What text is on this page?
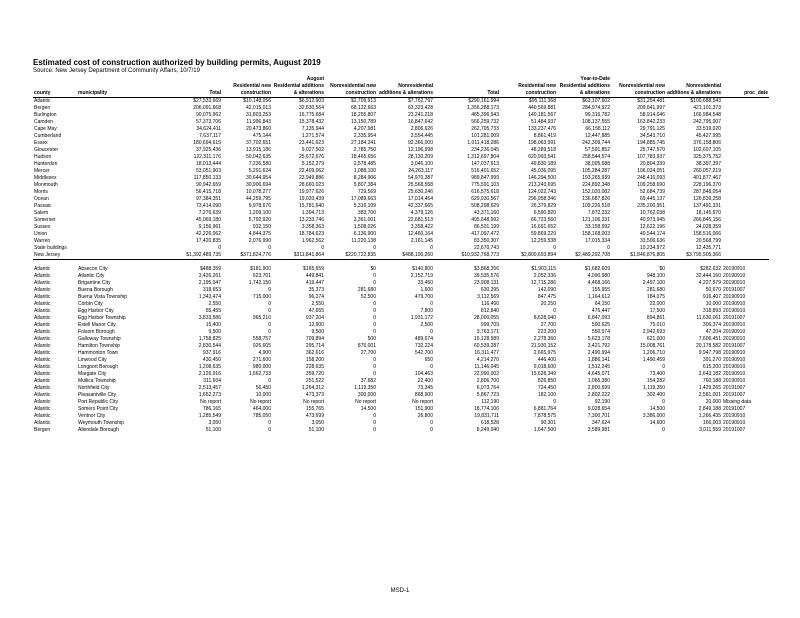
Estimated cost of construction authorized by building permits, August 2019
Source: New Jersey Department of Community Affairs, 10/7/19
				August					Year-to-Date			
county	municipality	Total	Residential new construction	Residential additions & alterations	Nonresidential new construction	Nonresidential additions & alterations	Total	Residential new construction	Residential additions & alterations	Nonresidential new construction	Nonresidential additions & alterations	proc_date
Atlantic		$27,533,669	$10,148,056	$6,912,903	$2,709,913	$7,762,797	$290,161,994	$95,111,368	$63,107,602	$31,254,481	$100,688,543	
Bergen		206,091,668	42,015,013	32,630,564	68,122,663	63,323,428	1,356,288,173	440,569,881	284,974,922	209,641,997	421,101,373	
Burlington		90,075,962	31,803,253	16,775,684	18,255,807	23,241,218	465,396,943	140,181,567	99,316,782	58,914,046	166,984,548	
Camden		57,373,706	11,996,843	15,378,432	13,150,789	16,847,642	566,259,732	51,484,937	108,137,555	163,842,233	242,795,007	
Cape May		34,624,411	20,473,860	7,135,944	4,207,981	2,806,626	262,705,733	133,237,476	66,158,112	29,791,125	33,519,020	
Cumberland		7,637,117	475,144	1,271,574	2,335,954	3,554,445	101,281,009	8,861,419	12,447,885	34,543,710	45,427,995	
Essex		180,694,615	37,702,651	23,441,623	27,184,341	92,366,000	1,011,418,286	198,063,991	242,309,744	194,885,745	376,158,806	
Gloucester		37,925,436	13,915,186	9,027,502	2,785,750	12,196,998	234,236,045	48,289,518	57,591,852	25,747,570	102,607,105	
Hudson		122,311,176	50,042,635	25,672,676	18,465,656	28,130,209	1,312,697,804	620,993,541	258,544,574	107,783,937	325,375,752	
Hunterdon		18,013,444	7,236,580	5,152,279	2,578,485	3,046,100	147,037,613	49,830,189	38,005,688	20,804,339	38,397,397	
Mercer		53,051,903	5,291,624	22,409,062	1,088,100	24,263,117	516,401,652	45,036,095	105,284,287	106,024,051	260,057,219	
Middlesex		117,850,133	30,644,954	23,949,886	8,284,906	54,970,387	989,847,999	146,294,500	193,265,939	248,410,093	401,877,467	
Monmouth		90,942,659	30,906,694	28,660,023	5,807,384	25,568,558	775,591,103	213,243,695	224,892,348	109,258,690	228,196,370	
Morris		56,415,718	10,078,277	19,977,626	729,569	25,630,246	616,575,618	124,022,743	152,020,082	52,684,739	287,848,054	
Ocean		97,384,351	44,259,795	19,020,439	17,089,663	17,014,454	629,930,567	296,958,346	136,687,826	69,445,137	126,839,258	
Passaic		73,414,090	9,978,676	15,781,640	5,316,109	42,337,665	508,298,629	26,379,829	109,226,518	235,200,951	137,491,331	
Salem		7,276,639	1,209,100	1,304,713	383,700	4,379,126	43,371,160	6,590,820	7,872,332	10,762,038	18,145,970	
Somerset		45,069,180	5,792,920	13,233,746	3,361,001	22,681,513	495,648,992	66,723,560	121,106,331	40,973,945	266,845,156	
Sussex		9,156,961	932,150	3,358,363	1,508,026	3,358,422	86,501,199	16,691,652	33,158,992	12,622,196	24,028,359	
Union		42,226,062	4,844,375	18,784,623	6,136,900	12,460,164	417,097,472	59,869,229	158,168,003	40,544,174	158,516,066	
Warren		17,420,835	2,076,990	1,962,562	11,220,138	2,161,145	83,350,307	12,259,538	17,015,334	33,506,636	20,568,799	
State buildings		0	0	0	0	0	22,670,743	0	0	10,234,972	12,435,771	
New Jersey		$1,392,489,735	$371,824,776	$311,841,864	$220,722,835	$488,100,260	$10,932,768,773	$2,800,693,894	$2,489,292,708	$1,846,876,805	$3,795,905,366	

Atlantic	Absecon City	$488,359	$181,900	$165,659	$0	$140,800	$3,868,356	$1,903,115	$1,682,609	$0	$282,632	20190910
Atlantic	Atlantic City	3,426,261	623,701	449,841	0	2,152,719	39,535,576	2,052,336	4,090,980	948,100	32,444,160	20190910
Atlantic	Brigantine City	2,195,047	1,742,150	419,447	0	33,450	23,908,131	12,715,286	4,468,166	2,497,100	4,227,579	20190910
Atlantic	Buena Borough	318,653	0	35,373	281,680	1,600	630,395	142,090	155,955	281,680	50,670	20191007
Atlantic	Buena Vista Township	1,343,474	715,000	96,274	52,500	479,700	3,112,569	847,475	1,164,612	184,075	916,407	20190910
Atlantic	Corbin City	2,550	0	2,550	0	0	116,400	20,250	64,150	22,000	10,000	20190910
Atlantic	Egg Harbor City	55,455	0	47,655	0	7,800	812,840	0	476,447	17,500	318,893	20190910
Atlantic	Egg Harbor Township	3,833,586	965,210	937,204	0	1,931,172	28,000,055	8,628,040	6,847,093	894,861	11,630,061	20191007
Atlantic	Estell Manor City	15,400	0	12,900	0	2,500	999,709	27,700	590,625	75,010	306,374	20190910
Atlantic	Folsom Borough	9,500	0	9,500	0	0	3,763,171	223,200	550,074	2,942,693	47,204	20190910
Atlantic	Galloway Township	1,758,825	558,757	709,894	500	489,674	16,128,989	2,278,360	5,623,178	621,000	7,606,451	20190910
Atlantic	Hamilton Township	2,830,544	926,605	295,714	876,001	732,224	60,539,287	21,930,152	3,421,792	15,008,761	20,178,582	20191007
Atlantic	Hammonton Town	937,916	4,900	362,616	27,700	542,700	16,311,477	2,665,975	2,490,994	1,206,710	9,947,798	20190910
Atlantic	Linwood City	430,450	271,600	158,200	0	650	4,214,270	446,400	1,886,141	1,490,459	391,270	20190910
Atlantic	Longport Borough	1,208,635	980,000	228,635	0	0	11,146,045	9,018,600	1,512,245	0	615,200	20190910
Atlantic	Margate City	2,126,916	1,662,733	359,720	0	104,463	22,990,002	15,628,349	4,645,071	73,400	2,643,182	20190910
Atlantic	Mullica Township	311,604	0	251,522	37,682	22,400	2,806,700	826,850	1,065,380	154,282	760,188	20190910
Atlantic	Northfield City	2,513,457	56,450	1,264,312	1,119,350	73,345	6,073,764	724,450	2,800,699	1,119,350	1,429,265	20191007
Atlantic	Pleasantville City	1,652,273	10,000	473,373	300,000	868,900	5,867,723	182,100	2,802,222	302,400	2,581,001	20191007
Atlantic	Port Republic City	No report	No report	No report	No report	No report	112,190	0	92,190	0	20,000	Missing data
Atlantic	Somers Point City	786,165	464,000	155,765	14,500	151,900	18,774,106	6,881,764	9,028,654	14,500	2,849,188	20191007
Atlantic	Ventnor City	1,285,549	785,050	473,699	0	26,800	19,831,711	7,878,575	7,300,701	3,386,000	1,266,435	20190910
Atlantic	Weymouth Township	3,050	0	3,050	0	0	618,528	90,301	347,624	14,600	166,003	20190910
Bergen	Allendale Borough	51,100	0	51,100	0	0	8,249,040	1,647,500	3,589,981	0	3,011,559	20191007
MSD-1
